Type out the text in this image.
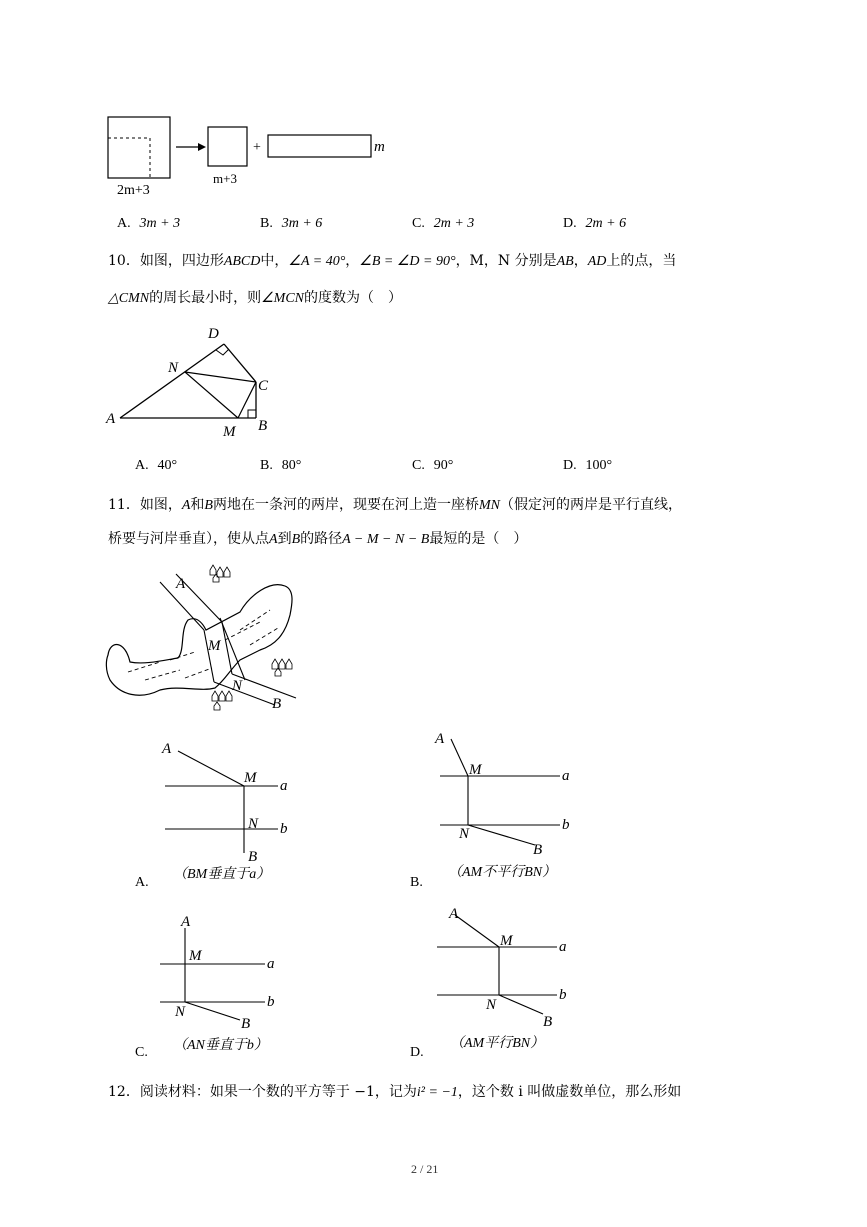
+	m
2m+3
m+3
A. 3m + 3	B. 3m + 6	C. 2m + 3	D. 2m + 6
10．如图，四边形ABCD中，∠A = 40°，∠B = ∠D = 90°，M，N 分别是AB，AD上的点，当
△CMN的周长最小时，则∠MCN的度数为（　）
A	B
C
D
M
N
A. 40°	B. 80°	C. 90°	D. 100°
11．如图，A和B两地在一条河的两岸，现要在河上造一座桥MN（假定河的两岸是平行直线，
桥要与河岸垂直），使从点A到B的路径A − M − N − B最短的是（　）
A
M
N
B
A
M
N
B
a
b
A.
（BM垂直于a）
A
M
N
B
a
b
B.
（AM不平行BN）
A
M
N
B
a
b
C. （AN垂直于b）
A
M
N
B
a
b
D.
（AM平行BN）
12．阅读材料：如果一个数的平方等于 −1，记为i² = −1，这个数 i 叫做虚数单位，那么形如
2 / 21
